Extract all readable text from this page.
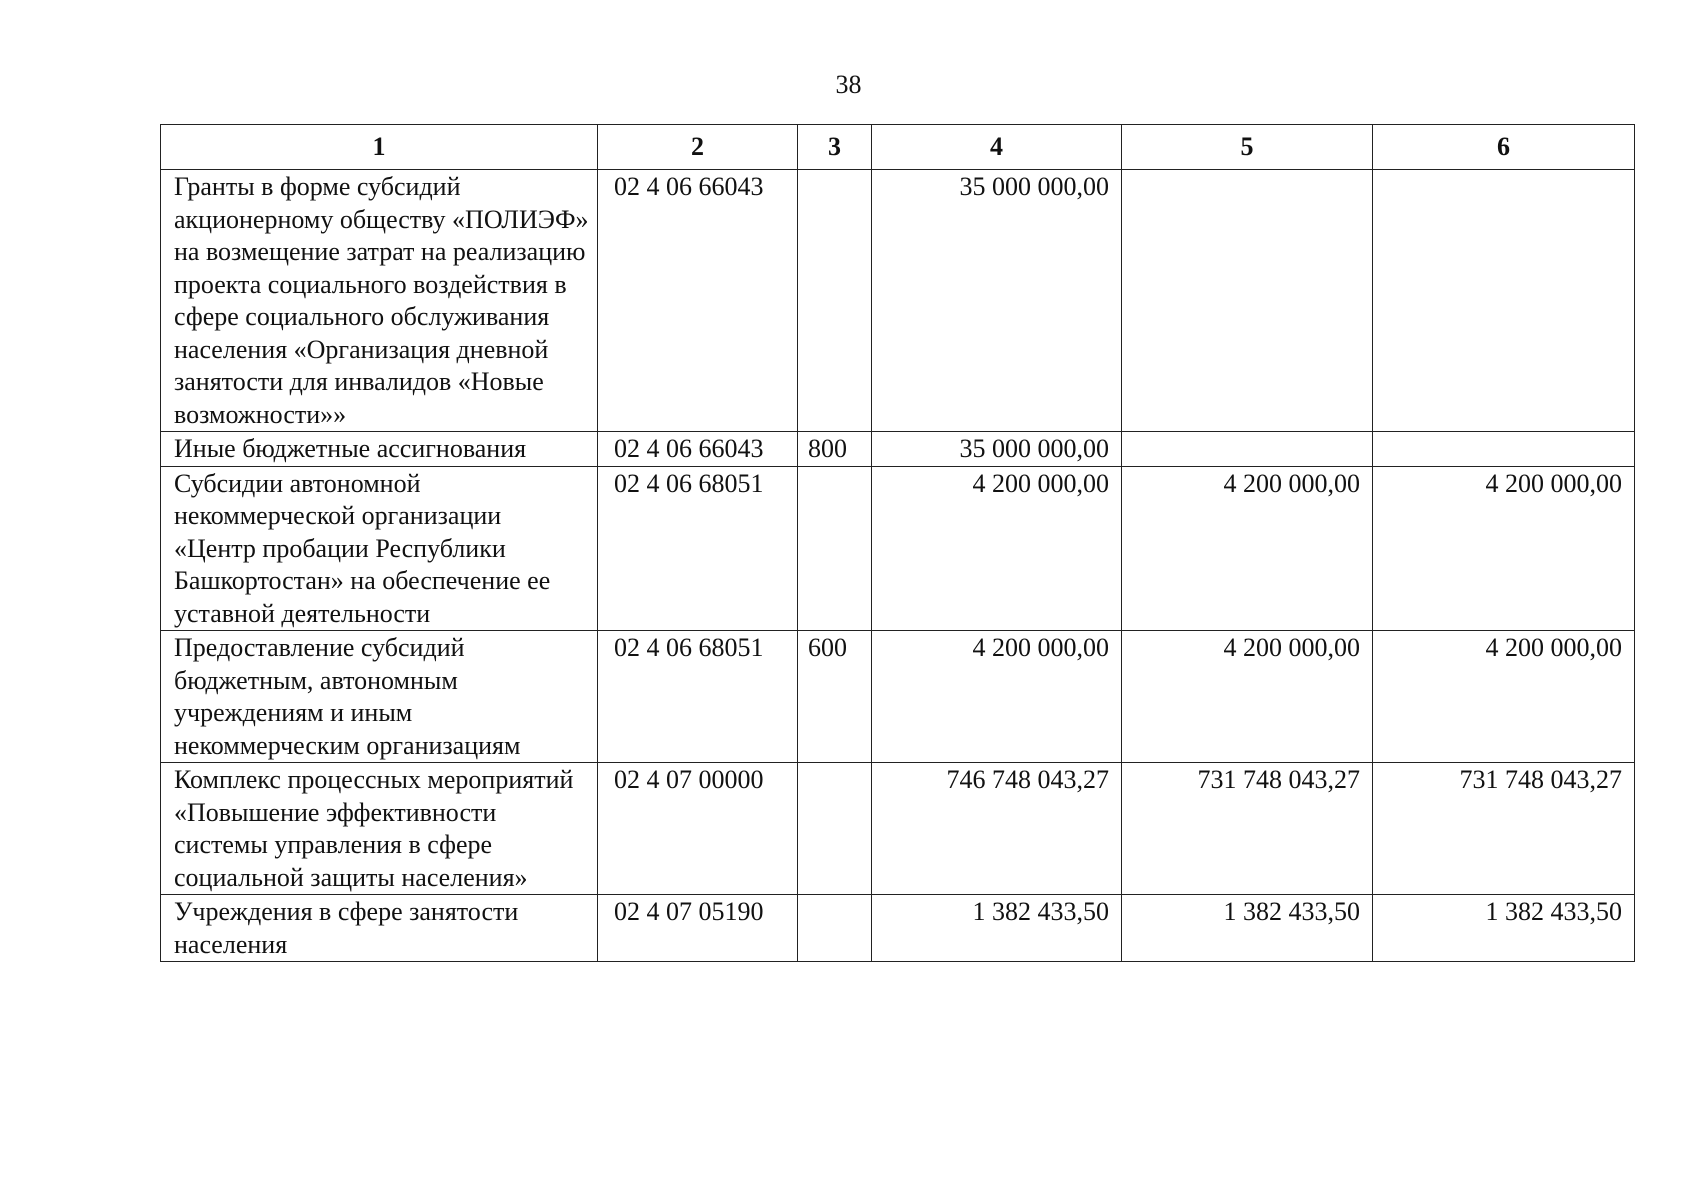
38
1	2	3	4	5	6
Гранты в форме субсидий акционерному обществу «ПОЛИЭФ» на возмещение затрат на реализацию проекта социального воздействия в сфере социального обслуживания населения «Организация дневной занятости для инвалидов «Новые возможности»»	02 4 06 66043		35 000 000,00		
Иные бюджетные ассигнования	02 4 06 66043	800	35 000 000,00		
Субсидии автономной некоммерческой организации «Центр пробации Республики Башкортостан» на обеспечение ее уставной деятельности	02 4 06 68051		4 200 000,00	4 200 000,00	4 200 000,00
Предоставление субсидий бюджетным, автономным учреждениям и иным некоммерческим организациям	02 4 06 68051	600	4 200 000,00	4 200 000,00	4 200 000,00
Комплекс процессных мероприятий «Повышение эффективности системы управления в сфере социальной защиты населения»	02 4 07 00000		746 748 043,27	731 748 043,27	731 748 043,27
Учреждения в сфере занятости населения	02 4 07 05190		1 382 433,50	1 382 433,50	1 382 433,50
